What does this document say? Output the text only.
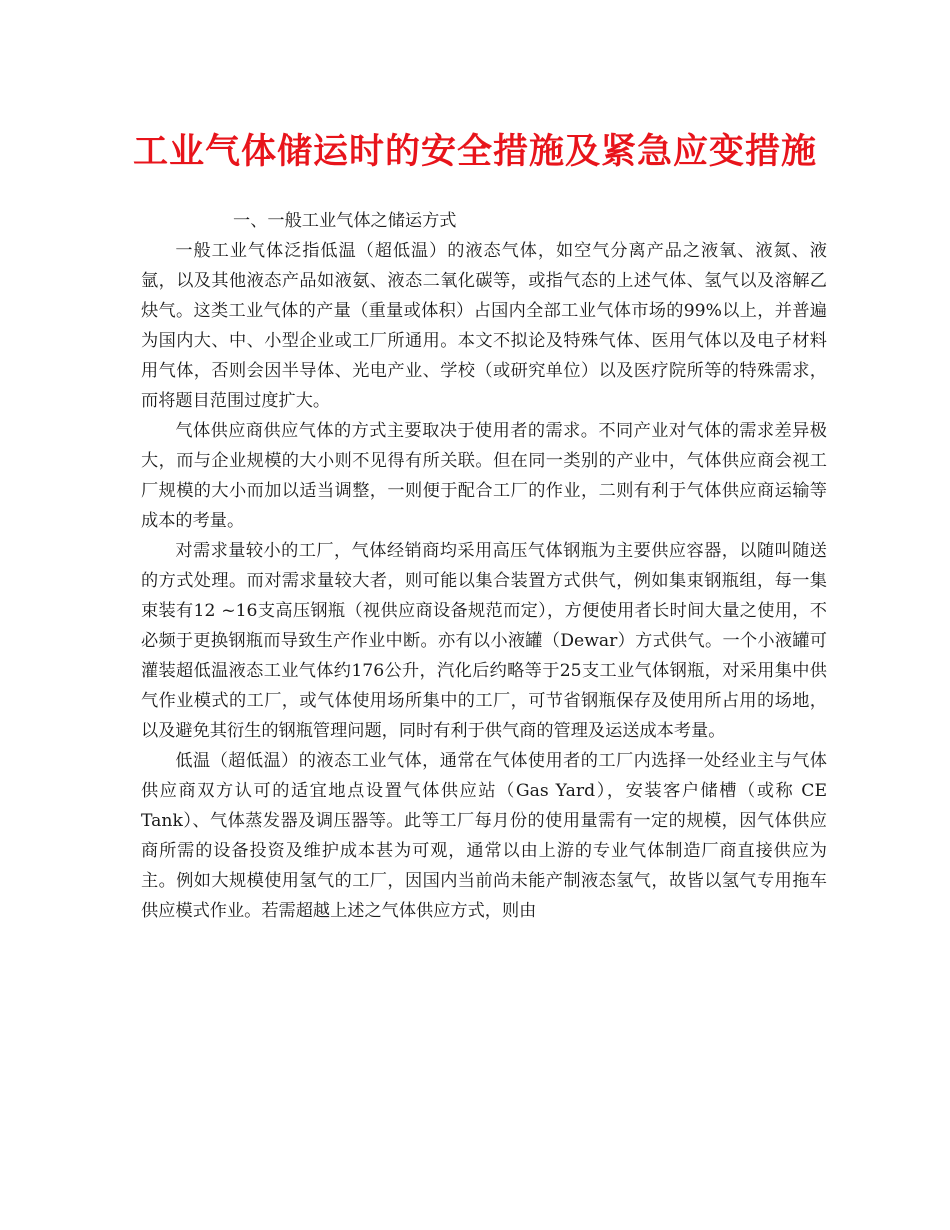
工业气体储运时的安全措施及紧急应变措施

一、一般工业气体之储运方式

一般工业气体泛指低温（超低温）的液态气体，如空气分离产品之液氧、液氮、液氩，以及其他液态产品如液氨、液态二氧化碳等，或指气态的上述气体、氢气以及溶解乙炔气。这类工业气体的产量（重量或体积）占国内全部工业气体市场的99%以上，并普遍为国内大、中、小型企业或工厂所通用。本文不拟论及特殊气体、医用气体以及电子材料用气体，否则会因半导体、光电产业、学校（或研究单位）以及医疗院所等的特殊需求，而将题目范围过度扩大。

气体供应商供应气体的方式主要取决于使用者的需求。不同产业对气体的需求差异极大，而与企业规模的大小则不见得有所关联。但在同一类别的产业中，气体供应商会视工厂规模的大小而加以适当调整，一则便于配合工厂的作业，二则有利于气体供应商运输等成本的考量。

对需求量较小的工厂，气体经销商均采用高压气体钢瓶为主要供应容器，以随叫随送的方式处理。而对需求量较大者，则可能以集合装置方式供气，例如集束钢瓶组，每一集束装有12 ~16支高压钢瓶（视供应商设备规范而定），方便使用者长时间大量之使用，不必频于更换钢瓶而导致生产作业中断。亦有以小液罐（Dewar）方式供气。一个小液罐可灌装超低温液态工业气体约176公升，汽化后约略等于25支工业气体钢瓶，对采用集中供气作业模式的工厂，或气体使用场所集中的工厂，可节省钢瓶保存及使用所占用的场地，以及避免其衍生的钢瓶管理问题，同时有利于供气商的管理及运送成本考量。

低温（超低温）的液态工业气体，通常在气体使用者的工厂内选择一处经业主与气体供应商双方认可的适宜地点设置气体供应站（Gas Yard），安装客户储槽（或称 CE Tank）、气体蒸发器及调压器等。此等工厂每月份的使用量需有一定的规模，因气体供应商所需的设备投资及维护成本甚为可观，通常以由上游的专业气体制造厂商直接供应为主。例如大规模使用氢气的工厂，因国内当前尚未能产制液态氢气，故皆以氢气专用拖车供应模式作业。若需超越上述之气体供应方式，则由
